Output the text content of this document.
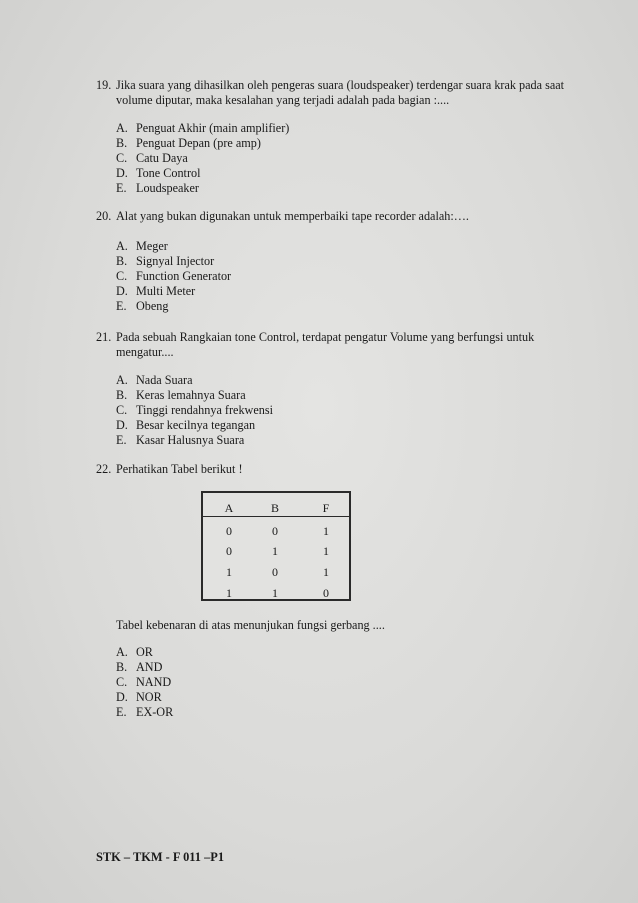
19. Jika suara yang dihasilkan oleh pengeras suara (loudspeaker) terdengar suara krak pada saat volume diputar, maka kesalahan yang terjadi adalah pada bagian :....
A. Penguat Akhir (main amplifier)
B. Penguat Depan (pre amp)
C. Catu Daya
D. Tone Control
E. Loudspeaker
20. Alat yang bukan digunakan untuk memperbaiki tape recorder adalah:….
A. Meger
B. Signyal Injector
C. Function Generator
D. Multi Meter
E. Obeng
21. Pada sebuah Rangkaian tone Control, terdapat pengatur Volume yang berfungsi untuk mengatur....
A. Nada Suara
B. Keras lemahnya Suara
C. Tinggi rendahnya frekwensi
D. Besar kecilnya tegangan
E. Kasar Halusnya Suara
22. Perhatikan Tabel berikut !
A	B	F
0	0	1
0	1	1
1	0	1
1	1	0
Tabel kebenaran di atas menunjukan fungsi gerbang ....
A. OR
B. AND
C. NAND
D. NOR
E. EX-OR
STK – TKM - F 011 –P1
